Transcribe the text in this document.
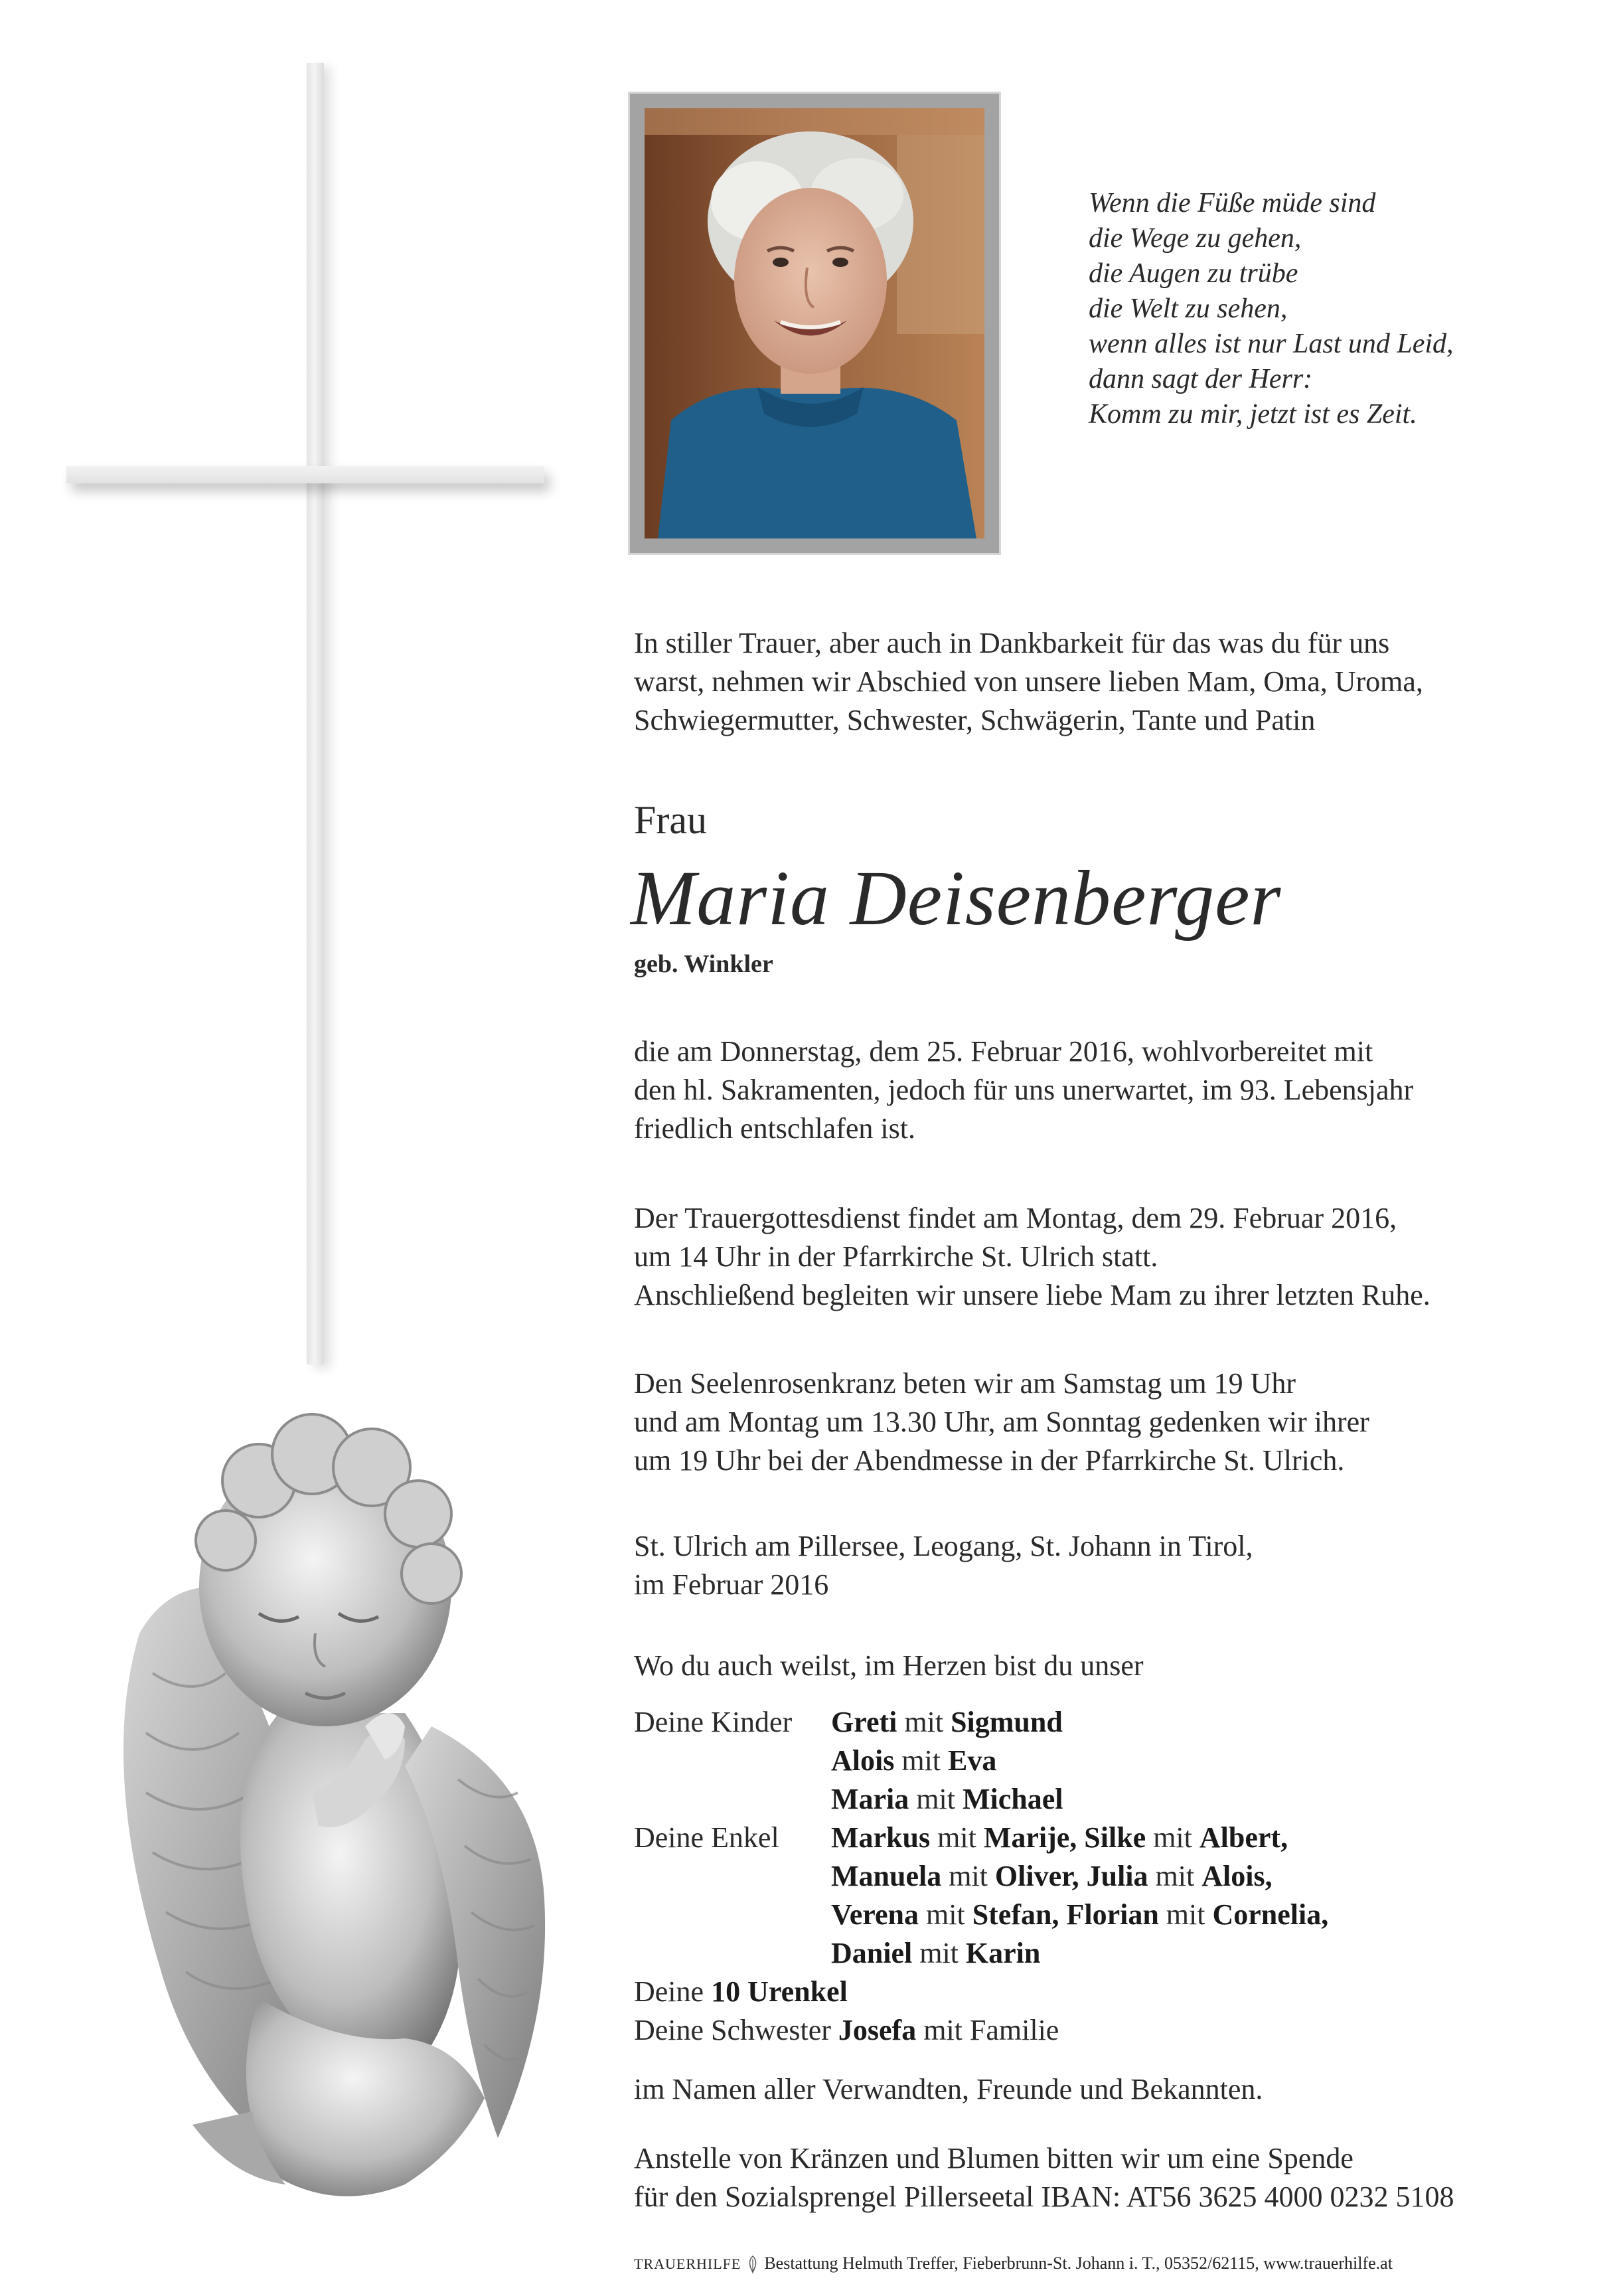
Wenn die Füße müde sind
die Wege zu gehen,
die Augen zu trübe
die Welt zu sehen,
wenn alles ist nur Last und Leid,
dann sagt der Herr:
Komm zu mir, jetzt ist es Zeit.
In stiller Trauer, aber auch in Dankbarkeit für das was du für uns
warst, nehmen wir Abschied von unsere lieben Mam, Oma, Uroma,
Schwiegermutter, Schwester, Schwägerin, Tante und Patin
Frau
Maria Deisenberger
geb. Winkler
die am Donnerstag, dem 25. Februar 2016, wohlvorbereitet mit
den hl. Sakramenten, jedoch für uns unerwartet, im 93. Lebensjahr
friedlich entschlafen ist.
Der Trauergottesdienst findet am Montag, dem 29. Februar 2016,
um 14 Uhr in der Pfarrkirche St. Ulrich statt.
Anschließend begleiten wir unsere liebe Mam zu ihrer letzten Ruhe.
Den Seelenrosenkranz beten wir am Samstag um 19 Uhr
und am Montag um 13.30 Uhr, am Sonntag gedenken wir ihrer
um 19 Uhr bei der Abendmesse in der Pfarrkirche St. Ulrich.
St. Ulrich am Pillersee, Leogang, St. Johann in Tirol,
im Februar 2016
Wo du auch weilst, im Herzen bist du unser
Deine Kinder Greti mit Sigmund
Alois mit Eva
Maria mit Michael
Deine Enkel Markus mit Marije, Silke mit Albert,
Manuela mit Oliver, Julia mit Alois,
Verena mit Stefan, Florian mit Cornelia,
Daniel mit Karin
Deine 10 Urenkel
Deine Schwester Josefa mit Familie
im Namen aller Verwandten, Freunde und Bekannten.
Anstelle von Kränzen und Blumen bitten wir um eine Spende
für den Sozialsprengel Pillerseetal IBAN: AT56 3625 4000 0232 5108
TRAUERHILFE Bestattung Helmuth Treffer, Fieberbrunn-St. Johann i. T., 05352/62115, www.trauerhilfe.at
